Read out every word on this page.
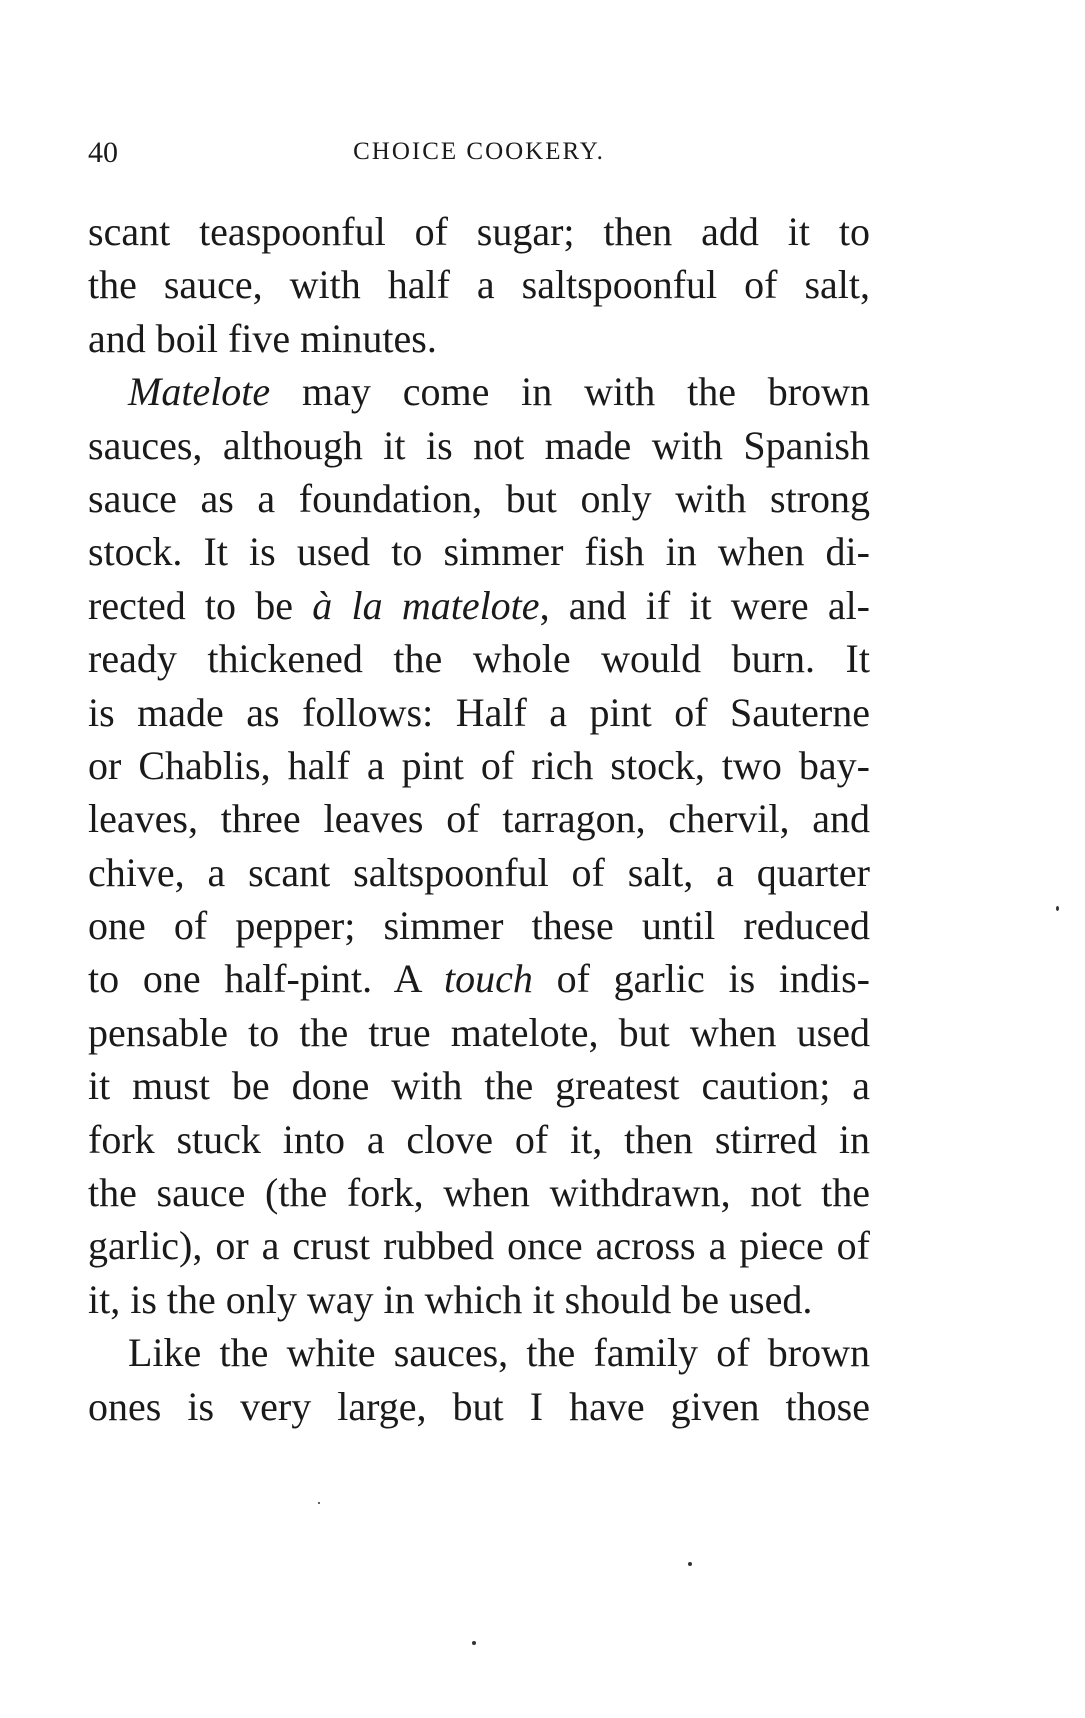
40	CHOICE COOKERY.
scant teaspoonful of sugar; then add it to
the sauce, with half a saltspoonful of salt,
and boil five minutes.
Matelote may come in with the brown
sauces, although it is not made with Spanish
sauce as a foundation, but only with strong
stock. It is used to simmer fish in when di-
rected to be à la matelote, and if it were al-
ready thickened the whole would burn. It
is made as follows: Half a pint of Sauterne
or Chablis, half a pint of rich stock, two bay-
leaves, three leaves of tarragon, chervil, and
chive, a scant saltspoonful of salt, a quarter
one of pepper; simmer these until reduced
to one half-pint. A touch of garlic is indis-
pensable to the true matelote, but when used
it must be done with the greatest caution; a
fork stuck into a clove of it, then stirred in
the sauce (the fork, when withdrawn, not the
garlic), or a crust rubbed once across a piece of
it, is the only way in which it should be used.
Like the white sauces, the family of brown
ones is very large, but I have given those
